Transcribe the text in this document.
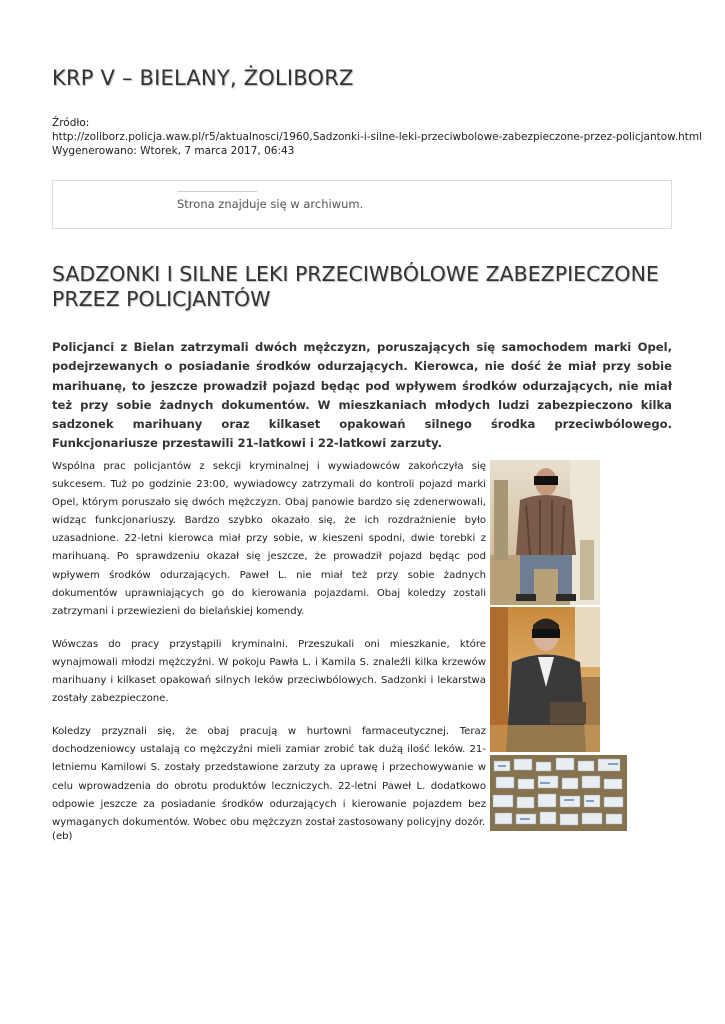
KRP V – BIELANY, ŻOLIBORZ
Źródło:
http://zoliborz.policja.waw.pl/r5/aktualnosci/1960,Sadzonki-i-silne-leki-przeciwbolowe-zabezpieczone-przez-policjantow.html
Wygenerowano: Wtorek, 7 marca 2017, 06:43
Strona znajduje się w archiwum.
SADZONKI I SILNE LEKI PRZECIWBÓLOWE ZABEZPIECZONE PRZEZ POLICJANTÓW

Policjanci z Bielan zatrzymali dwóch mężczyzn, poruszających się samochodem marki Opel, podejrzewanych o posiadanie środków odurzających. Kierowca, nie dość że miał przy sobie marihuanę, to jeszcze prowadził pojazd będąc pod wpływem środków odurzających, nie miał też przy sobie żadnych dokumentów. W mieszkaniach młodych ludzi zabezpieczono kilka sadzonek marihuany oraz kilkaset opakowań silnego środka przeciwbólowego. Funkcjonariusze przestawili 21-latkowi i 22-latkowi zarzuty.

Wspólna prac policjantów z sekcji kryminalnej i wywiadowców zakończyła się sukcesem. Tuż po godzinie 23:00, wywiadowcy zatrzymali do kontroli pojazd marki Opel, którym poruszało się dwóch mężczyzn. Obaj panowie bardzo się zdenerwowali, widząc funkcjonariuszy. Bardzo szybko okazało się, że ich rozdrażnienie było uzasadnione. 22-letni kierowca miał przy sobie, w kieszeni spodni, dwie torebki z marihuaną. Po sprawdzeniu okazał się jeszcze, że prowadził pojazd będąc pod wpływem środków odurzających. Paweł L. nie miał też przy sobie żadnych dokumentów uprawniających go do kierowania pojazdami. Obaj koledzy zostali zatrzymani i przewiezieni do bielańskiej komendy.

Wówczas do pracy przystąpili kryminalni. Przeszukali oni mieszkanie, które wynajmowali młodzi mężczyźni. W pokoju Pawła L. i Kamila S. znaleźli kilka krzewów marihuany i kilkaset opakowań silnych leków przeciwbólowych. Sadzonki i lekarstwa zostały zabezpieczone.

Koledzy przyznali się, że obaj pracują w hurtowni farmaceutycznej. Teraz dochodzeniowcy ustalają co mężczyźni mieli zamiar zrobić tak dużą ilość leków. 21-letniemu Kamilowi S. zostały przedstawione zarzuty za uprawę i przechowywanie w celu wprowadzenia do obrotu produktów leczniczych. 22-letni Paweł L. dodatkowo odpowie jeszcze za posiadanie środków odurzających i kierowanie pojazdem bez wymaganych dokumentów. Wobec obu mężczyzn został zastosowany policyjny dozór.

(eb)
